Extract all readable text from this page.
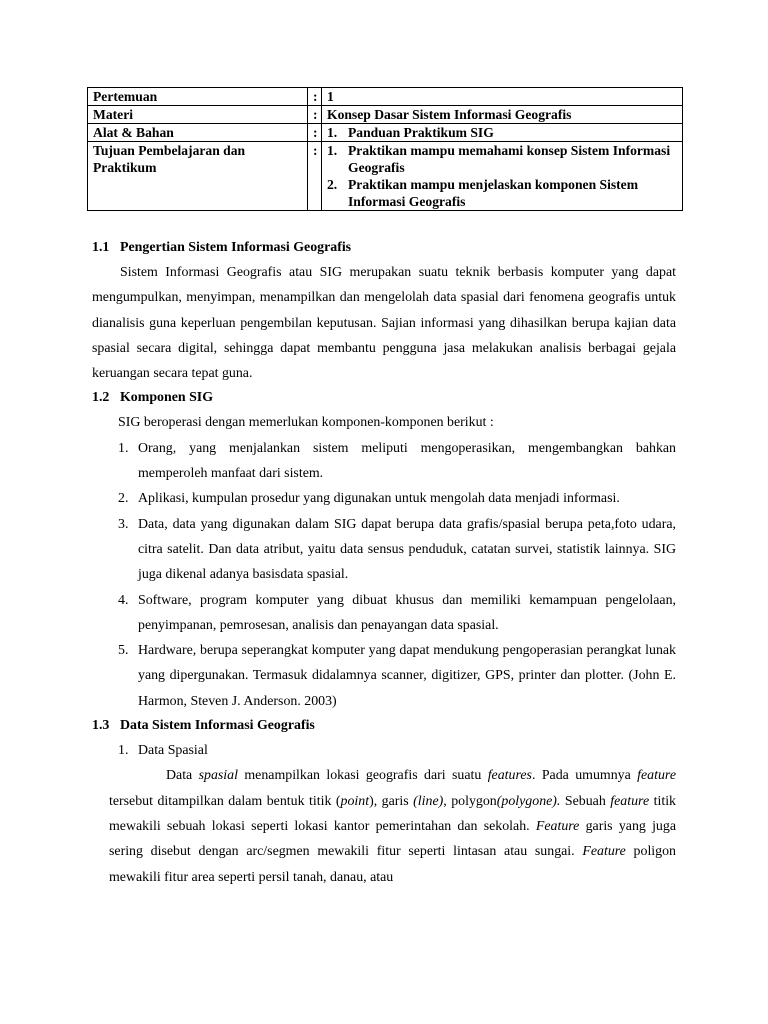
Pertemuan	:	1
Materi	:	Konsep Dasar Sistem Informasi Geografis
Alat & Bahan	:	1. Panduan Praktikum SIG

Tujuan Pembelajaran dan Praktikum	:	1. Praktikan mampu memahami konsep Sistem Informasi Geografis
2. Praktikan mampu menjelaskan komponen Sistem Informasi Geografis
1.1 Pengertian Sistem Informasi Geografis

Sistem Informasi Geografis atau SIG merupakan suatu teknik berbasis komputer yang dapat mengumpulkan, menyimpan, menampilkan dan mengelolah data spasial dari fenomena geografis untuk dianalisis guna keperluan pengembilan keputusan. Sajian informasi yang dihasilkan berupa kajian data spasial secara digital, sehingga dapat membantu pengguna jasa melakukan analisis berbagai gejala keruangan secara tepat guna.

1.2 Komponen SIG

SIG beroperasi dengan memerlukan komponen-komponen berikut :

1. Orang, yang menjalankan sistem meliputi mengoperasikan, mengembangkan bahkan memperoleh manfaat dari sistem.
2. Aplikasi, kumpulan prosedur yang digunakan untuk mengolah data menjadi informasi.
3. Data, data yang digunakan dalam SIG dapat berupa data grafis/spasial berupa peta,foto udara, citra satelit. Dan data atribut, yaitu data sensus penduduk, catatan survei, statistik lainnya. SIG juga dikenal adanya basisdata spasial.
4. Software, program komputer yang dibuat khusus dan memiliki kemampuan pengelolaan, penyimpanan, pemrosesan, analisis dan penayangan data spasial.
5. Hardware, berupa seperangkat komputer yang dapat mendukung pengoperasian perangkat lunak yang dipergunakan. Termasuk didalamnya scanner, digitizer, GPS, printer dan plotter. (John E. Harmon, Steven J. Anderson. 2003)
1.3 Data Sistem Informasi Geografis
1. Data Spasial

Data spasial menampilkan lokasi geografis dari suatu features. Pada umumnya feature tersebut ditampilkan dalam bentuk titik (point), garis (line), polygon(polygone). Sebuah feature titik mewakili sebuah lokasi seperti lokasi kantor pemerintahan dan sekolah. Feature garis yang juga sering disebut dengan arc/segmen mewakili fitur seperti lintasan atau sungai. Feature poligon mewakili fitur area seperti persil tanah, danau, atau
